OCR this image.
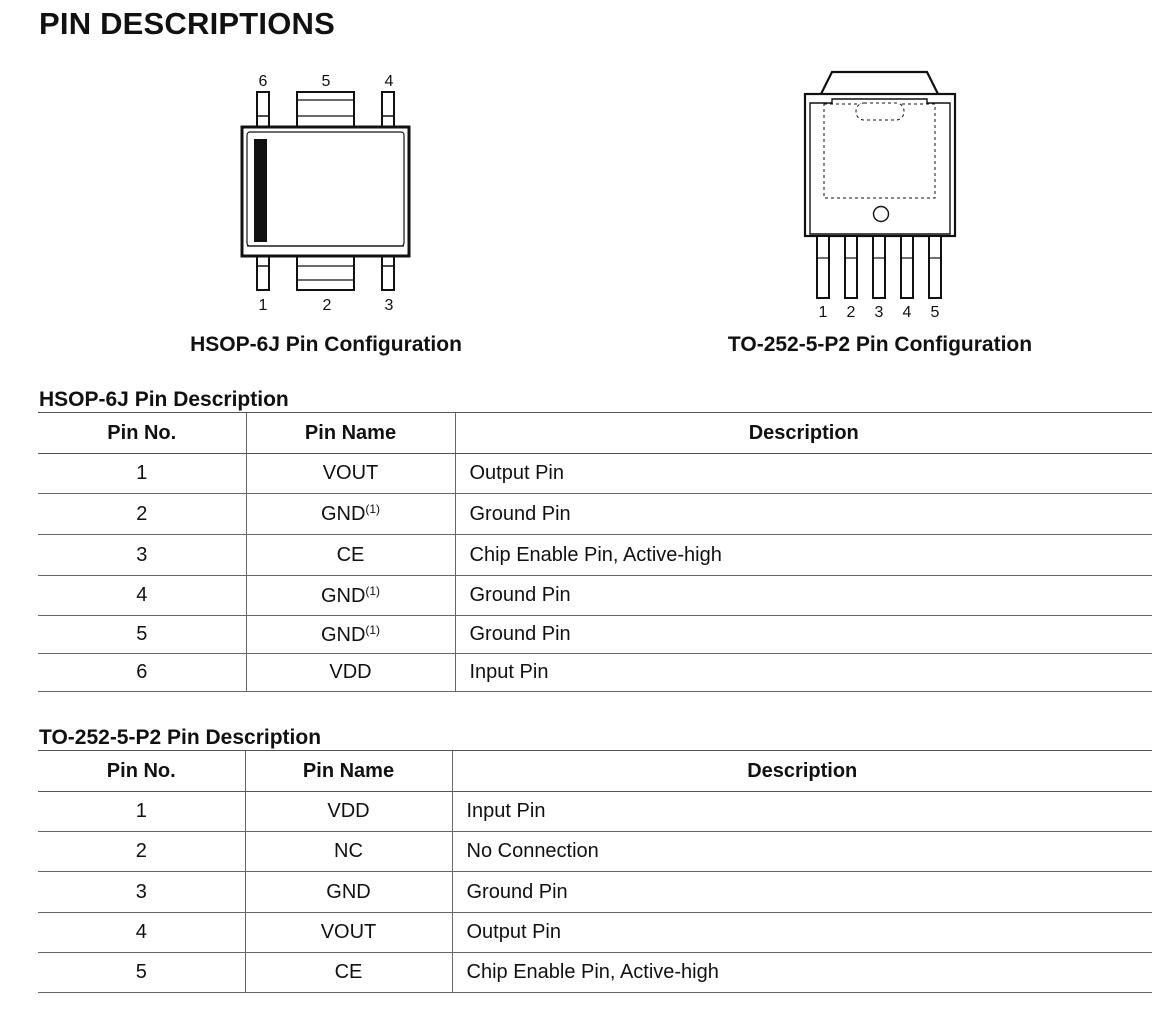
PIN DESCRIPTIONS
6	5	4
1	2	3
HSOP-6J Pin Configuration
1 2 3 4 5
TO-252-5-P2 Pin Configuration
HSOP-6J Pin Description
Pin No.	Pin Name	Description
1	VOUT	Output Pin
2	GND$^{(1)}$	Ground Pin
3	CE	Chip Enable Pin, Active-high
4	GND$^{(1)}$	Ground Pin
5	GND$^{(1)}$	Ground Pin
6	VDD	Input Pin
TO-252-5-P2 Pin Description
Pin No.	Pin Name	Description
1	VDD	Input Pin
2	NC	No Connection
3	GND	Ground Pin
4	VOUT	Output Pin
5	CE	Chip Enable Pin, Active-high
